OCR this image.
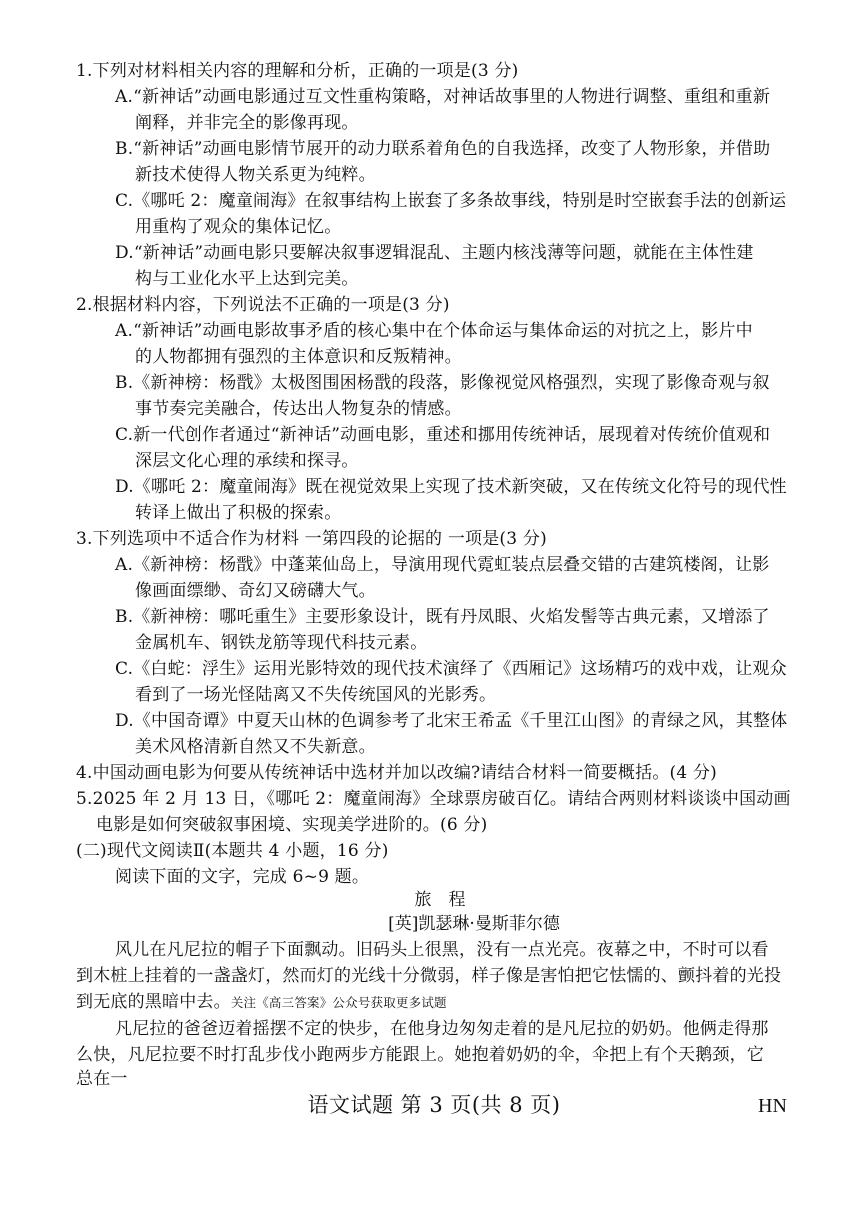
1.下列对材料相关内容的理解和分析，正确的一项是(3 分)
A.“新神话”动画电影通过互文性重构策略，对神话故事里的人物进行调整、重组和重新
阐释，并非完全的影像再现。
B.“新神话”动画电影情节展开的动力联系着角色的自我选择，改变了人物形象，并借助
新技术使得人物关系更为纯粹。
C.《哪吒 2：魔童闹海》在叙事结构上嵌套了多条故事线，特别是时空嵌套手法的创新运
用重构了观众的集体记忆。
D.“新神话”动画电影只要解决叙事逻辑混乱、主题内核浅薄等问题，就能在主体性建
构与工业化水平上达到完美。
2.根据材料内容，下列说法不正确的一项是(3 分)
A.“新神话”动画电影故事矛盾的核心集中在个体命运与集体命运的对抗之上，影片中
的人物都拥有强烈的主体意识和反叛精神。
B.《新神榜：杨戬》太极图围困杨戬的段落，影像视觉风格强烈，实现了影像奇观与叙
事节奏完美融合，传达出人物复杂的情感。
C.新一代创作者通过“新神话”动画电影，重述和挪用传统神话，展现着对传统价值观和
深层文化心理的承续和探寻。
D.《哪吒 2：魔童闹海》既在视觉效果上实现了技术新突破，又在传统文化符号的现代性
转译上做出了积极的探索。
3.下列选项中不适合作为材料 一第四段的论据的 一项是(3 分)
A.《新神榜：杨戬》中蓬莱仙岛上，导演用现代霓虹装点层叠交错的古建筑楼阁，让影
像画面缥缈、奇幻又磅礴大气。
B.《新神榜：哪吒重生》主要形象设计，既有丹凤眼、火焰发髻等古典元素，又增添了
金属机车、钢铁龙筋等现代科技元素。
C.《白蛇：浮生》运用光影特效的现代技术演绎了《西厢记》这场精巧的戏中戏，让观众
看到了一场光怪陆离又不失传统国风的光影秀。
D.《中国奇谭》中夏天山林的色调参考了北宋王希孟《千里江山图》的青绿之风，其整体
美术风格清新自然又不失新意。
4.中国动画电影为何要从传统神话中选材并加以改编?请结合材料一简要概括。(4 分)
5.2025 年 2 月 13 日，《哪吒 2：魔童闹海》全球票房破百亿。请结合两则材料谈谈中国动画
电影是如何突破叙事困境、实现美学进阶的。(6 分)
(二)现代文阅读Ⅱ(本题共 4 小题，16 分)
阅读下面的文字，完成 6~9 题。
旅　程
[英]凯瑟琳·曼斯菲尔德
风儿在凡尼拉的帽子下面飘动。旧码头上很黑，没有一点光亮。夜幕之中，不时可以看
到木桩上挂着的一盏盏灯，然而灯的光线十分微弱，样子像是害怕把它怯懦的、颤抖着的光投
到无底的黑暗中去。关注《高三答案》公众号获取更多试题
凡尼拉的爸爸迈着摇摆不定的快步，在他身边匆匆走着的是凡尼拉的奶奶。他俩走得那
么快，凡尼拉要不时打乱步伐小跑两步方能跟上。她抱着奶奶的伞，伞把上有个天鹅颈，它
总在一
语文试题 第 3 页(共 8 页)	HN
